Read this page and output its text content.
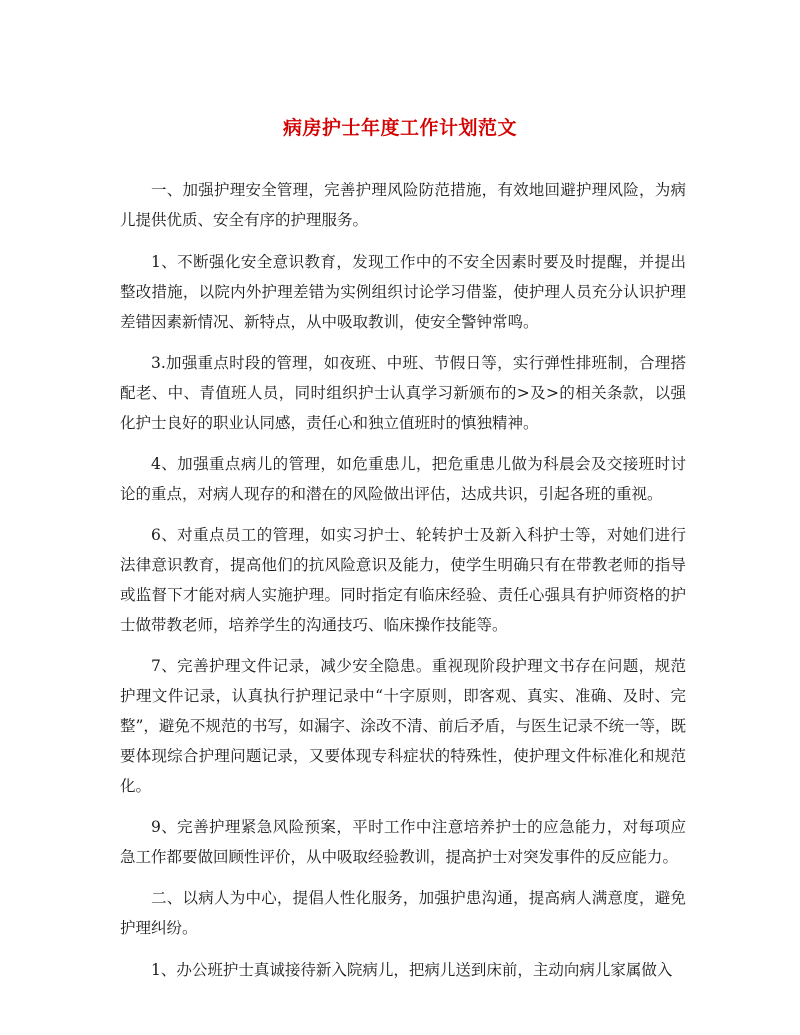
病房护士年度工作计划范文

一、加强护理安全管理，完善护理风险防范措施，有效地回避护理风险，为病儿提供优质、安全有序的护理服务。

1、不断强化安全意识教育，发现工作中的不安全因素时要及时提醒，并提出整改措施，以院内外护理差错为实例组织讨论学习借鉴，使护理人员充分认识护理差错因素新情况、新特点，从中吸取教训，使安全警钟常鸣。

3.加强重点时段的管理，如夜班、中班、节假日等，实行弹性排班制，合理搭配老、中、青值班人员，同时组织护士认真学习新颁布的>及>的相关条款，以强化护士良好的职业认同感，责任心和独立值班时的慎独精神。

4、加强重点病儿的管理，如危重患儿，把危重患儿做为科晨会及交接班时讨论的重点，对病人现存的和潜在的风险做出评估，达成共识，引起各班的重视。

6、对重点员工的管理，如实习护士、轮转护士及新入科护士等，对她们进行法律意识教育，提高他们的抗风险意识及能力，使学生明确只有在带教老师的指导或监督下才能对病人实施护理。同时指定有临床经验、责任心强具有护师资格的护士做带教老师，培养学生的沟通技巧、临床操作技能等。

7、完善护理文件记录，减少安全隐患。重视现阶段护理文书存在问题，规范护理文件记录，认真执行护理记录中“十字原则，即客观、真实、准确、及时、完整”，避免不规范的书写，如漏字、涂改不清、前后矛盾，与医生记录不统一等，既要体现综合护理问题记录，又要体现专科症状的特殊性，使护理文件标准化和规范化。

9、完善护理紧急风险预案，平时工作中注意培养护士的应急能力，对每项应急工作都要做回顾性评价，从中吸取经验教训，提高护士对突发事件的反应能力。

二、以病人为中心，提倡人性化服务，加强护患沟通，提高病人满意度，避免护理纠纷。

1、办公班护士真诚接待新入院病儿，把病儿送到床前，主动向病儿家属做入
